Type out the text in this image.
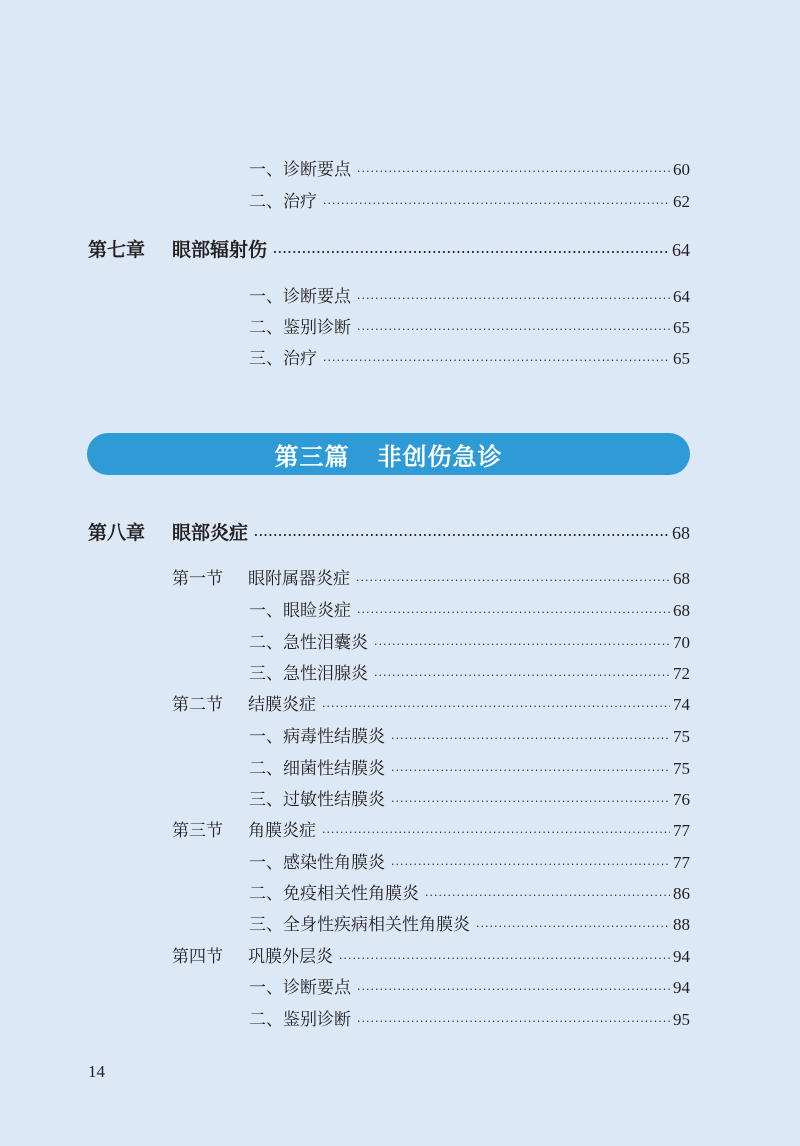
一、诊断要点 ·····	60
二、治疗 ·····	62
第七章 眼部辐射伤 ·····	64
一、诊断要点 ·····	64
二、鉴别诊断 ·····	65
三、治疗 ·····	65
第三篇 非创伤急诊
第八章 眼部炎症 ·····	68
第一节 眼附属器炎症 ·····	68
一、眼睑炎症 ·····	68
二、急性泪囊炎 ·····	70
三、急性泪腺炎 ·····	72
第二节 结膜炎症 ·····	74
一、病毒性结膜炎 ·····	75
二、细菌性结膜炎 ·····	75
三、过敏性结膜炎 ·····	76
第三节 角膜炎症 ·····	77
一、感染性角膜炎 ·····	77
二、免疫相关性角膜炎 ·····	86
三、全身性疾病相关性角膜炎 ·····	88
第四节 巩膜外层炎 ·····	94
一、诊断要点 ·····	94
二、鉴别诊断 ·····	95
14
